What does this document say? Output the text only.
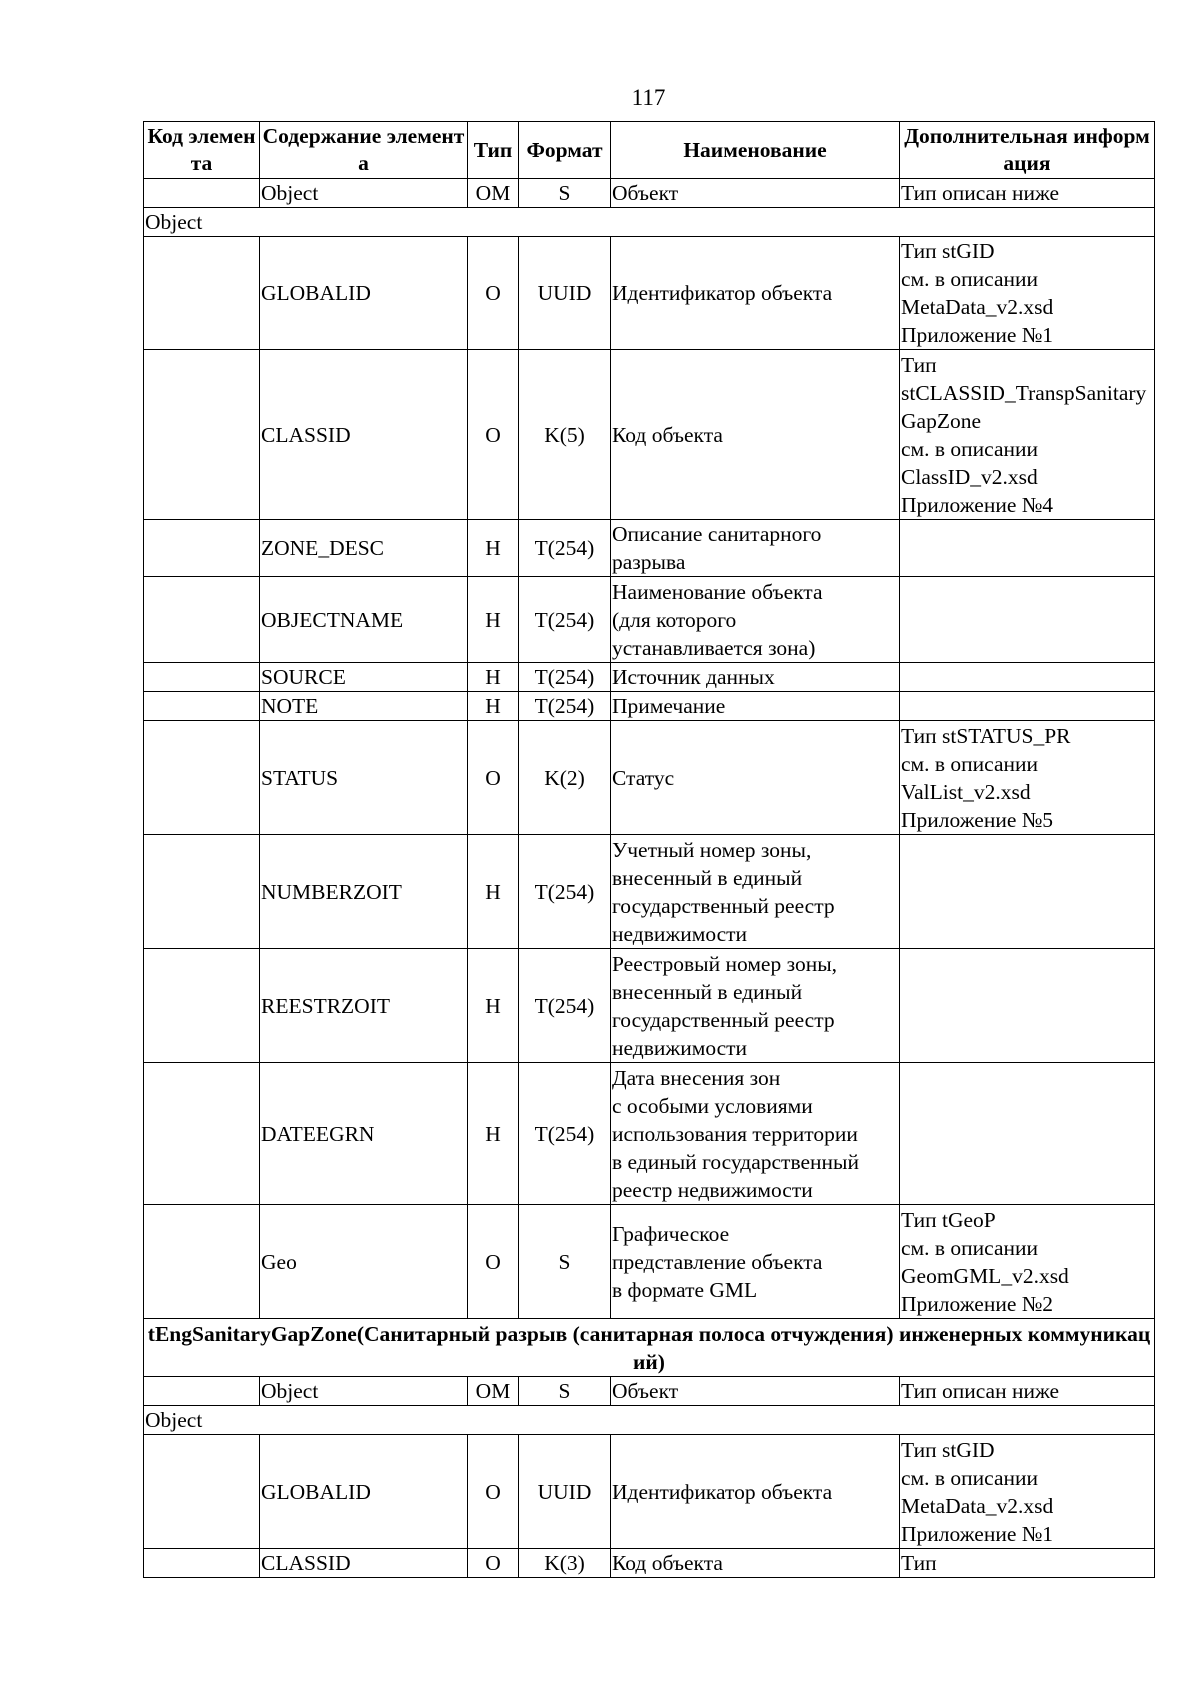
117
Код элемента	Содержание элемента	Тип	Формат	Наименование	Дополнительная информация
	Object	OM	S	Объект	Тип описан ниже
Object					
	GLOBALID	O	UUID	Идентификатор объекта	Тип stGID
см. в описании
MetaData_v2.xsd
Приложение №1
	CLASSID	O	K(5)	Код объекта	Тип
stCLASSID_TranspSanitaryGapZone
см. в описании
ClassID_v2.xsd
Приложение №4
	ZONE_DESC	Н	T(254)	Описание санитарного
разрыва	
	OBJECTNAME	Н	T(254)	Наименование объекта
(для которого
устанавливается зона)	
	SOURCE	Н	T(254)	Источник данных	
	NOTE	Н	T(254)	Примечание	
	STATUS	O	K(2)	Статус	Тип stSTATUS_PR
см. в описании
ValList_v2.xsd
Приложение №5
	NUMBERZOIT	Н	T(254)	Учетный номер зоны,
внесенный в единый
государственный реестр
недвижимости	
	REESTRZOIT	Н	T(254)	Реестровый номер зоны,
внесенный в единый
государственный реестр
недвижимости	
	DATEEGRN	Н	T(254)	Дата внесения зон
с особыми условиями
использования территории
в единый государственный
реестр недвижимости	
	Geo	O	S	Графическое
представление объекта
в формате GML	Тип tGeoP
см. в описании
GeomGML_v2.xsd
Приложение №2
tEngSanitaryGapZone(Санитарный разрыв (санитарная полоса отчуждения) инженерных коммуникаций)					
	Object	OM	S	Объект	Тип описан ниже
Object					
	GLOBALID	O	UUID	Идентификатор объекта	Тип stGID
см. в описании
MetaData_v2.xsd
Приложение №1
	CLASSID	O	K(3)	Код объекта	Тип
